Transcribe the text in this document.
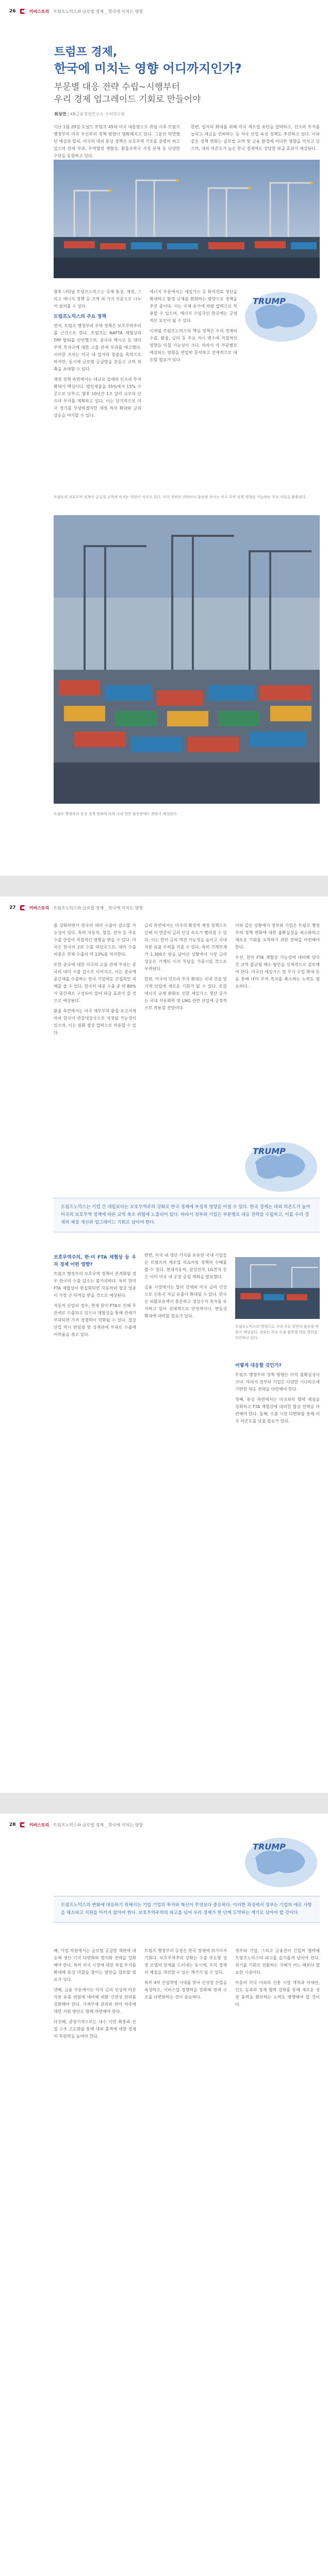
26	커버스토리 트럼프노믹스와 글로벌 경제 _ 한국에 미치는 영향
트럼프 경제,
한국에 미치는 영향 어디까지인가?
부문별 대응 전략 수립~시행부터
우리 경제 업그레이드 기회로 만들어야
최상연 | KB금융경영연구소 수석연구원

지난 1월 20일 도널드 트럼프 45대 미국 대통령으로 취임 이후 트럼프 행정부의 미국 우선주의 정책 방향이 명확해지고 있다. 그동안 막연했던 예상과 달리, 미국의 대외 통상 정책은 보호무역 기조를 분명히 하고 있으며 관세 부과, 무역협정 재협상, 환율조작국 지정 문제 등 다양한 수단을 동원하고 있다.

한편, 일자리 확대를 위해 미국 제조업 유턴을 압박하고, 인프라 투자를 늘리고 세금을 인하하는 등 자국 산업 육성 정책도 추진하고 있다. 이와 같은 정책 변화는 글로벌 교역 및 금융 환경에 커다란 영향을 미치고 있으며, 대외 의존도가 높은 한국 경제에도 상당한 파급 효과가 예상된다.

TRUMP

향후 나타날 트럼프노믹스는 국제 통상, 재정, 그리고 에너지 정책 등 크게 세 가지 부문으로 나누어 살펴볼 수 있다.

트럼프노믹스의 주요 정책

먼저, 트럼프 행정부의 무역 정책은 보호무역주의를 근간으로 한다. 트럼프는 NAFTA 재협상과 TPP 탈퇴를 선언했으며, 중국과 멕시코 등 대미 무역 흑자국에 대한 고율 관세 부과를 예고했다. 이러한 조치는 미국 내 일자리 창출을 목적으로 하지만, 동시에 글로벌 공급망을 흔들고 교역 위축을 초래할 수 있다.

재정 정책 측면에서는 대규모 감세와 인프라 투자 확대가 핵심이다. 법인세율을 35%에서 15% 수준으로 낮추고, 향후 10년간 1조 달러 규모의 인프라 투자를 계획하고 있다. 이는 단기적으로 미국 경기를 부양하겠지만 재정 적자 확대와 금리 상승을 야기할 수 있다.

에너지 부문에서는 셰일가스 등 화석연료 생산을 확대하고 환경 규제를 완화하는 방향으로 정책을 추진 중이다. 이는 국제 유가에 하방 압력으로 작용할 수 있으며, 에너지 수입국인 한국에는 긍정적인 요인이 될 수 있다.

이처럼 트럼프노믹스의 핵심 정책은 우리 경제의 수출, 환율, 금리 등 주요 거시 변수에 직접적인 영향을 미칠 가능성이 크다. 따라서 각 부문별로 예상되는 영향을 면밀히 분석하고 선제적으로 대응할 필요가 있다.

트럼프의 보호무역 정책이 글로벌 교역에 미치는 영향이 커지고 있다. 미국 항만의 컨테이너 물동량 추이는 미국 무역 정책 방향을 가늠하는 주요 지표로 활용된다.
트럼프 행정부의 통상 정책 변화에 따라 국내 항만 물동량에도 변화가 예상된다.
27	커버스토리 트럼프노믹스와 글로벌 경제 _ 한국에 미치는 영향

를 강화하면서 한국의 대미 수출이 감소할 가능성이 있다. 특히 자동차, 철강, 전자 등 주요 수출 산업이 직접적인 영향을 받을 수 있다. 미국은 한국의 2위 수출 대상국으로, 대미 수출 비중은 전체 수출의 약 13%를 차지한다.

또한 중국에 대한 미국의 고율 관세 부과는 중국의 대미 수출 감소로 이어지고, 이는 중국에 중간재를 수출하는 한국 기업에도 간접적인 피해를 줄 수 있다. 한국의 대중 수출 중 약 80%가 중간재로 구성되어 있어 파급 효과가 클 것으로 예상된다.

환율 측면에서는 미국 재무부의 환율 보고서에 따라 한국이 관찰대상국으로 지정될 가능성이 있으며, 이는 원화 절상 압력으로 작용할 수 있다.

금리 측면에서는 미국의 확장적 재정 정책으로 인해 미 연준의 금리 인상 속도가 빨라질 수 있다. 이는 한미 금리 역전 가능성을 높이고 국내 자본 유출 우려를 키울 수 있다. 특히 가계부채가 1,300조 원을 넘어선 상황에서 시장 금리 상승은 가계의 이자 부담을 가중시킬 것으로 우려된다.

한편, 미국의 인프라 투자 확대는 국내 건설 및 기계 산업에 새로운 기회가 될 수 있다. 또한 에너지 규제 완화로 인한 셰일가스 생산 증가는 국내 석유화학 및 LNG 관련 산업에 긍정적으로 작용할 전망이다.

이와 같은 상황에서 정부와 기업은 트럼프 행정부의 정책 변화에 대한 불확실성을 최소화하고 새로운 기회를 포착하기 위한 전략을 마련해야 한다.

우선, 한미 FTA 재협상 가능성에 대비해 양국 간 교역 불균형 해소 방안을 선제적으로 검토해야 한다. 미국산 셰일가스 및 무기 수입 확대 등을 통해 대미 무역 흑자를 축소하는 노력도 필요하다.

TRUMP
트럼프노믹스는 기업 간 대립보다는 보호무역주의 강화로 한국 경제에 부정적 영향을 미칠 수 있다. 한국 경제는 대외 의존도가 높아 미국의 보호무역 정책에 따른 교역 축소 위험에 노출되어 있다. 따라서 정부와 기업은 부문별로 대응 전략을 수립하고, 이를 우리 경제의 체질 개선과 업그레이드 기회로 삼아야 한다.
보호무역주의, 한·미 FTA 재협상 등 우리 경제 어떤 영향?

트럼프 행정부의 보호무역 정책이 본격화될 경우 한국의 수출 감소는 불가피하다. 특히 한미 FTA 재협상이 현실화되면 자동차와 철강 업종이 가장 큰 타격을 받을 것으로 예상된다.

자동차 산업의 경우, 현재 한미 FTA로 인해 무관세로 수출되고 있으나 재협상을 통해 관세가 부과되면 가격 경쟁력이 약화될 수 있다. 철강 산업 역시 반덤핑 및 상계관세 부과로 수출에 어려움을 겪고 있다.

반면, 미국 내 생산 기지를 보유한 국내 기업들은 트럼프의 제조업 리쇼어링 정책의 수혜를 볼 수 있다. 현대자동차, 삼성전자, LG전자 등은 이미 미국 내 공장 증설 계획을 발표했다.

금융 시장에서는 달러 강세와 미국 금리 인상으로 신흥국 자금 유출이 확대될 수 있다. 한국은 외환보유액이 충분하고 경상수지 흑자를 유지하고 있어 상대적으로 안정적이나, 변동성 확대에 대비할 필요가 있다.

트럼프노믹스의 영향으로 국내 주요 항만의 물동량 변화가 예상된다. 정부는 주요 수출 품목별 대응 방안을 마련하고 있다.
어떻게 대응할 것인가?

트럼프 행정부의 정책 방향은 아직 불확실성이 크다. 따라서 정부와 기업은 다양한 시나리오에 기반한 대응 전략을 마련해야 한다.

첫째, 통상 측면에서는 미국과의 협력 채널을 강화하고 FTA 재협상에 대비한 협상 전략을 마련해야 한다. 둘째, 수출 시장 다변화를 통해 미국 의존도를 낮출 필요가 있다.

28	커버스토리 트럼프노믹스와 글로벌 경제 _ 한국에 미치는 영향
TRUMP
트럼프노믹스의 변화에 대응하기 위해서는 기업 기업의 투자와 혁신이 무엇보다 중요하다. 이러한 과정에서 정부는 기업의 애로 사항을 해소하고 지원을 아끼지 않아야 한다. 보호무역주의의 파고를 넘어 우리 경제가 한 단계 도약하는 계기로 삼아야 할 것이다.

째, 기업 차원에서는 글로벌 공급망 재편에 대응해 생산 기지 다변화와 현지화 전략을 강화해야 한다. 특히 미국 시장에 대한 직접 투자를 확대해 통상 마찰을 줄이는 방안을 검토할 필요가 있다.

넷째, 금융 부문에서는 미국 금리 인상에 따른 자본 유출 위험에 대비해 외환 건전성 관리를 강화해야 한다. 가계부채 관리와 취약 차주에 대한 지원 방안도 함께 마련해야 한다.

다섯째, 중장기적으로는 내수 기반 확충과 산업 구조 고도화를 통해 대외 충격에 대한 경제의 복원력을 높여야 한다.

트럼프 행정부의 등장은 한국 경제에 위기이자 기회다. 보호무역주의 강화는 수출 주도형 성장 모델의 한계를 드러내는 동시에, 우리 경제의 체질을 개선할 수 있는 계기가 될 수 있다.

특히 4차 산업혁명 시대를 맞아 신성장 산업을 육성하고, 서비스업 경쟁력을 강화해 경제 구조를 다변화하는 것이 중요하다.

정부와 기업, 그리고 금융권이 긴밀히 협력해 트럼프노믹스의 파고를 슬기롭게 넘어야 한다. 위기를 기회로 전환하는 지혜가 어느 때보다 필요한 시점이다.

아울러 미국 이외의 신흥 시장 개척과 아세안, 인도 등과의 경제 협력 강화를 통해 새로운 성장 동력을 확보하는 노력도 병행해야 할 것이다.
